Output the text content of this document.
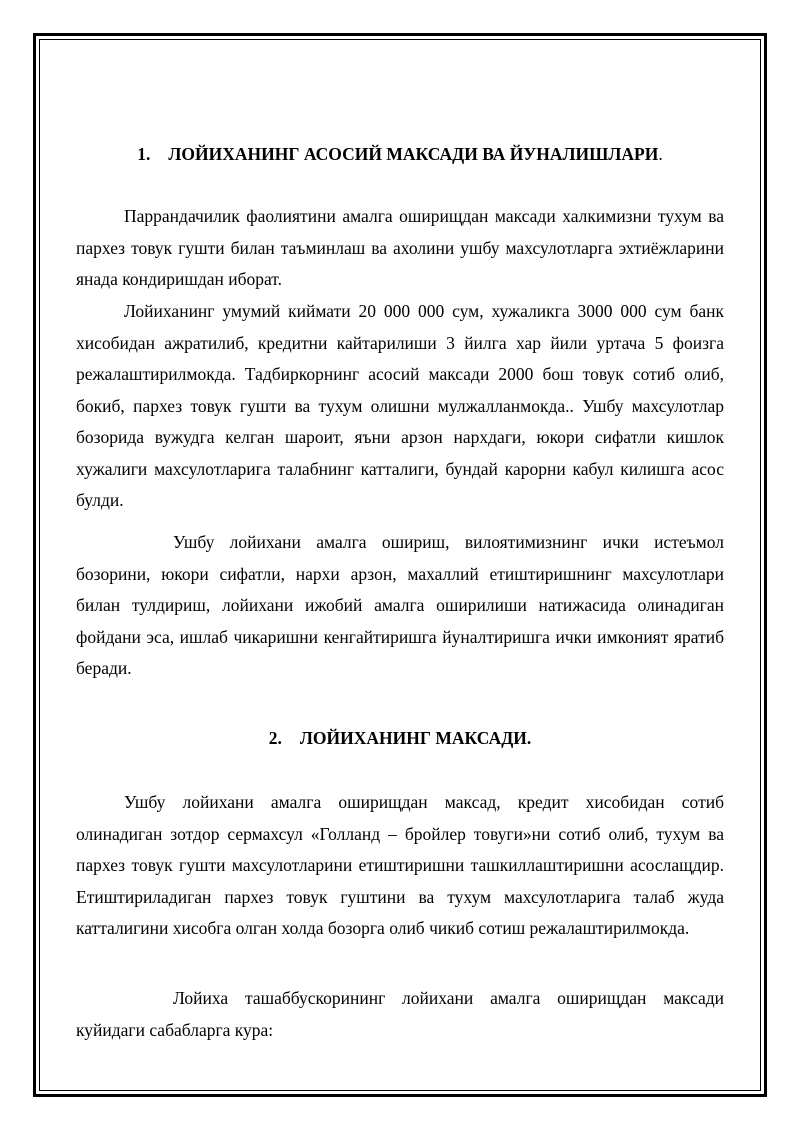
1. ЛОЙИХАНИНГ АСОСИЙ МАКСАДИ ВА ЙУНАЛИШЛАРИ.

Паррандачилик фаолиятини амалга оширищдан максади халкимизни тухум ва пархез товук гушти билан таъминлаш ва ахолини ушбу махсулотларга эхтиёжларини янада кондиришдан иборат.

Лойиханинг умумий киймати 20 000 000 сум, хужаликга 3000 000 сум банк хисобидан ажратилиб, кредитни кайтарилиши 3 йилга хар йили уртача 5 фоизга режалаштирилмокда. Тадбиркорнинг асосий максади 2000 бош товук сотиб олиб, бокиб, пархез товук гушти ва тухум олишни мулжалланмокда.. Ушбу махсулотлар бозорида вужудга келган шароит, яъни арзон нархдаги, юкори сифатли кишлок хужалиги махсулотларига талабнинг катталиги, бундай карорни кабул килишга асос булди.

Ушбу лойихани амалга ошириш, вилоятимизнинг ички истеъмол бозорини, юкори сифатли, нархи арзон, махаллий етиштиришнинг махсулотлари билан тулдириш, лойихани ижобий амалга оширилиши натижасида олинадиган фойдани эса, ишлаб чикаришни кенгайтиришга йуналтиришга ички имконият яратиб беради.

2. ЛОЙИХАНИНГ МАКСАДИ.

Ушбу лойихани амалга оширищдан максад, кредит хисобидан сотиб олинадиган зотдор сермахсул «Голланд – бройлер товуги»ни сотиб олиб, тухум ва пархез товук гушти махсулотларини етиштиришни ташкиллаштиришни асослащдир. Етиштириладиган пархез товук гуштини ва тухум махсулотларига талаб жуда катталигини хисобга олган холда бозорга олиб чикиб сотиш режалаштирилмокда.

Лойиха ташаббускорининг лойихани амалга оширищдан максади куйидаги сабабларга кура:
